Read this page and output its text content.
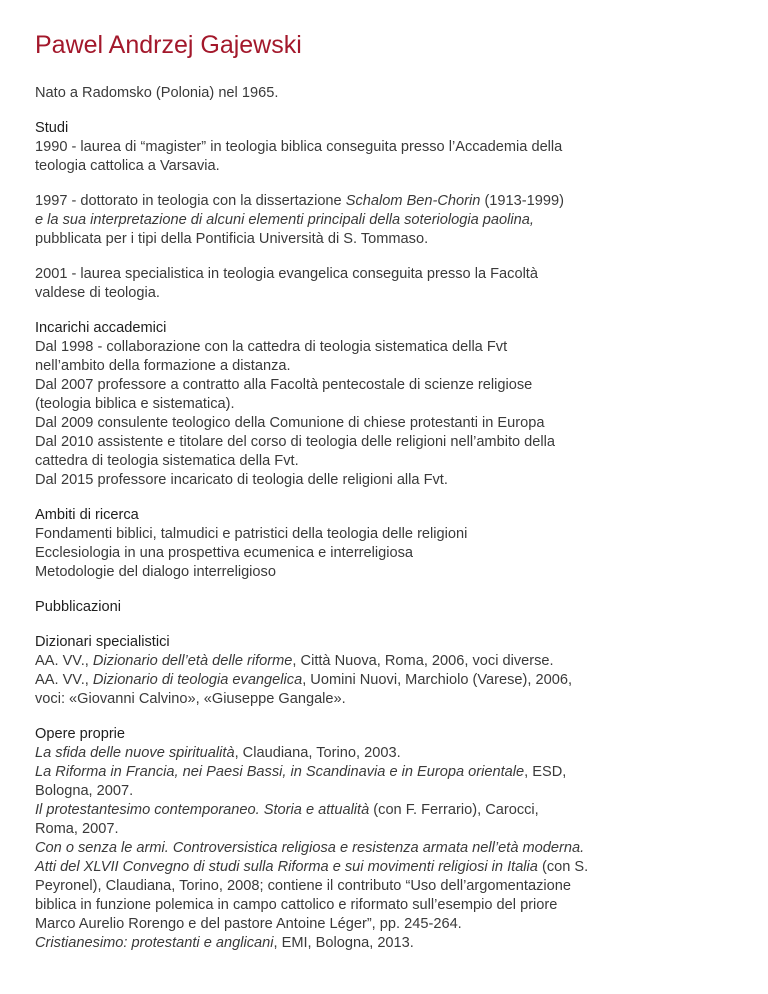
Pawel Andrzej Gajewski
Nato a Radomsko (Polonia) nel 1965.
Studi
1990 - laurea di “magister” in teologia biblica conseguita presso l’Accademia della
teologia cattolica a Varsavia.
1997 - dottorato in teologia con la dissertazione Schalom Ben-Chorin (1913-1999)
e la sua interpretazione di alcuni elementi principali della soteriologia paolina,
pubblicata per i tipi della Pontificia Università di S. Tommaso.
2001 - laurea specialistica in teologia evangelica conseguita presso la Facoltà
valdese di teologia.
Incarichi accademici
Dal 1998 - collaborazione con la cattedra di teologia sistematica della Fvt
nell’ambito della formazione a distanza.
Dal 2007 professore a contratto alla Facoltà pentecostale di scienze religiose
(teologia biblica e sistematica).
Dal 2009 consulente teologico della Comunione di chiese protestanti in Europa
Dal 2010 assistente e titolare del corso di teologia delle religioni nell’ambito della
cattedra di teologia sistematica della Fvt.
Dal 2015 professore incaricato di teologia delle religioni alla Fvt.
Ambiti di ricerca
Fondamenti biblici, talmudici e patristici della teologia delle religioni
Ecclesiologia in una prospettiva ecumenica e interreligiosa
Metodologie del dialogo interreligioso
Pubblicazioni
Dizionari specialistici
AA. VV., Dizionario dell’età delle riforme, Città Nuova, Roma, 2006, voci diverse.
AA. VV., Dizionario di teologia evangelica, Uomini Nuovi, Marchiolo (Varese), 2006,
voci: «Giovanni Calvino», «Giuseppe Gangale».
Opere proprie
La sfida delle nuove spiritualità, Claudiana, Torino, 2003.
La Riforma in Francia, nei Paesi Bassi, in Scandinavia e in Europa orientale, ESD,
Bologna, 2007.
Il protestantesimo contemporaneo. Storia e attualità (con F. Ferrario), Carocci,
Roma, 2007.
Con o senza le armi. Controversistica religiosa e resistenza armata nell’età moderna.
Atti del XLVII Convegno di studi sulla Riforma e sui movimenti religiosi in Italia (con S.
Peyronel), Claudiana, Torino, 2008; contiene il contributo “Uso dell’argomentazione
biblica in funzione polemica in campo cattolico e riformato sull’esempio del priore
Marco Aurelio Rorengo e del pastore Antoine Léger”, pp. 245-264.
Cristianesimo: protestanti e anglicani, EMI, Bologna, 2013.
